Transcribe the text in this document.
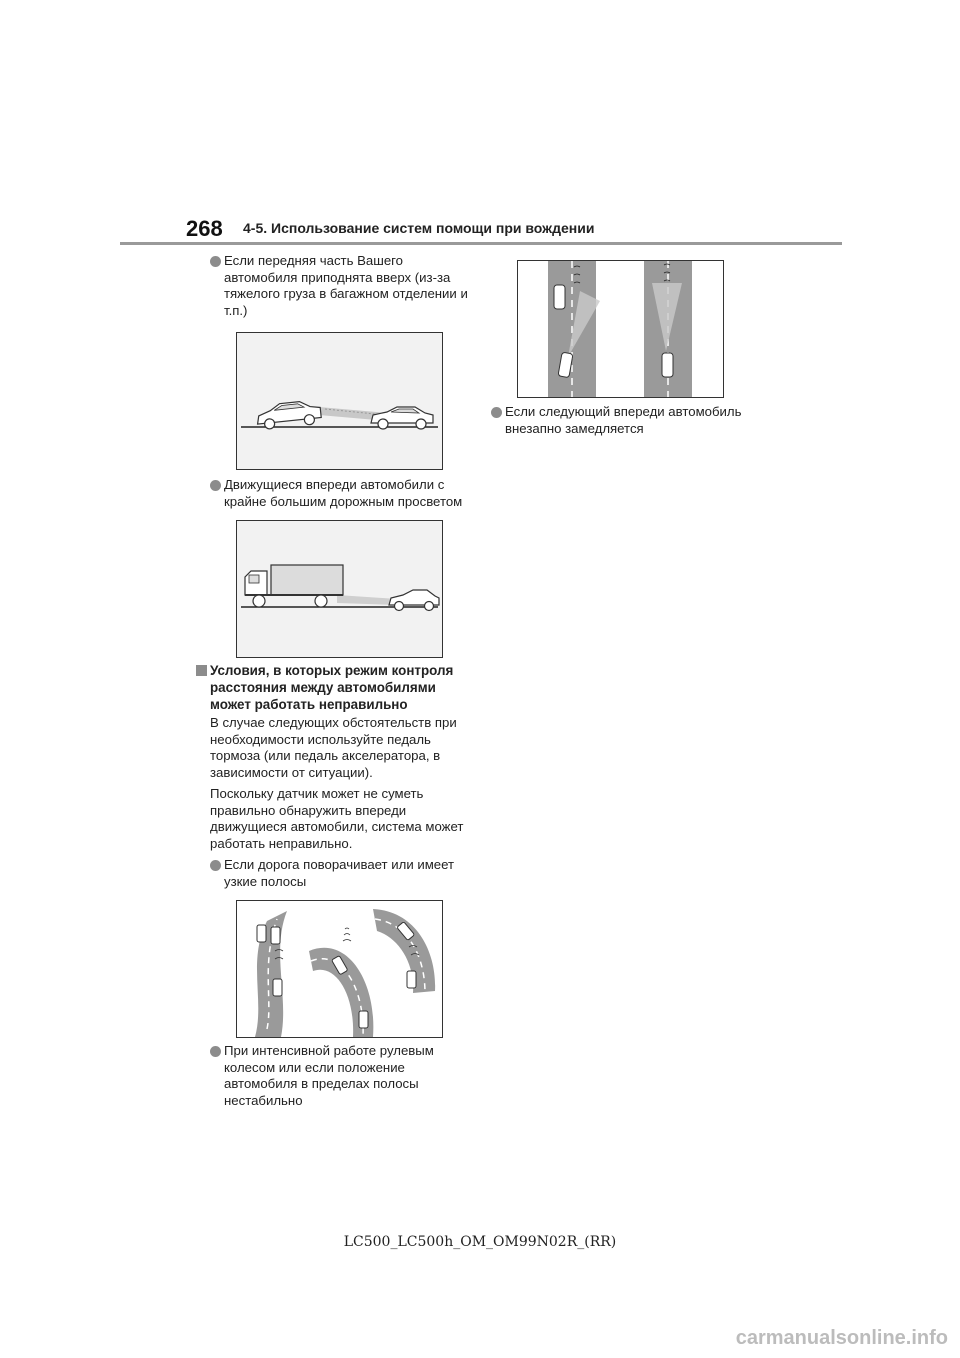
268 4-5. Использование систем помощи при вождении
Если передняя часть Вашего автомобиля приподнята вверх (из-за тяжелого груза в багажном отделении и т.п.)
Движущиеся впереди автомобили с крайне большим дорожным просветом
Условия, в которых режим контроля расстояния между автомобилями может работать неправильно
В случае следующих обстоятельств при необходимости используйте педаль тормоза (или педаль акселератора, в зависимости от ситуации).
Поскольку датчик может не суметь правильно обнаружить впереди движущиеся автомобили, система может работать неправильно.
Если дорога поворачивает или имеет узкие полосы
При интенсивной работе рулевым колесом или если положение автомобиля в пределах полосы нестабильно
Если следующий впереди автомобиль внезапно замедляется
LC500_LC500h_OM_OM99N02R_(RR)
carmanualsonline.info
